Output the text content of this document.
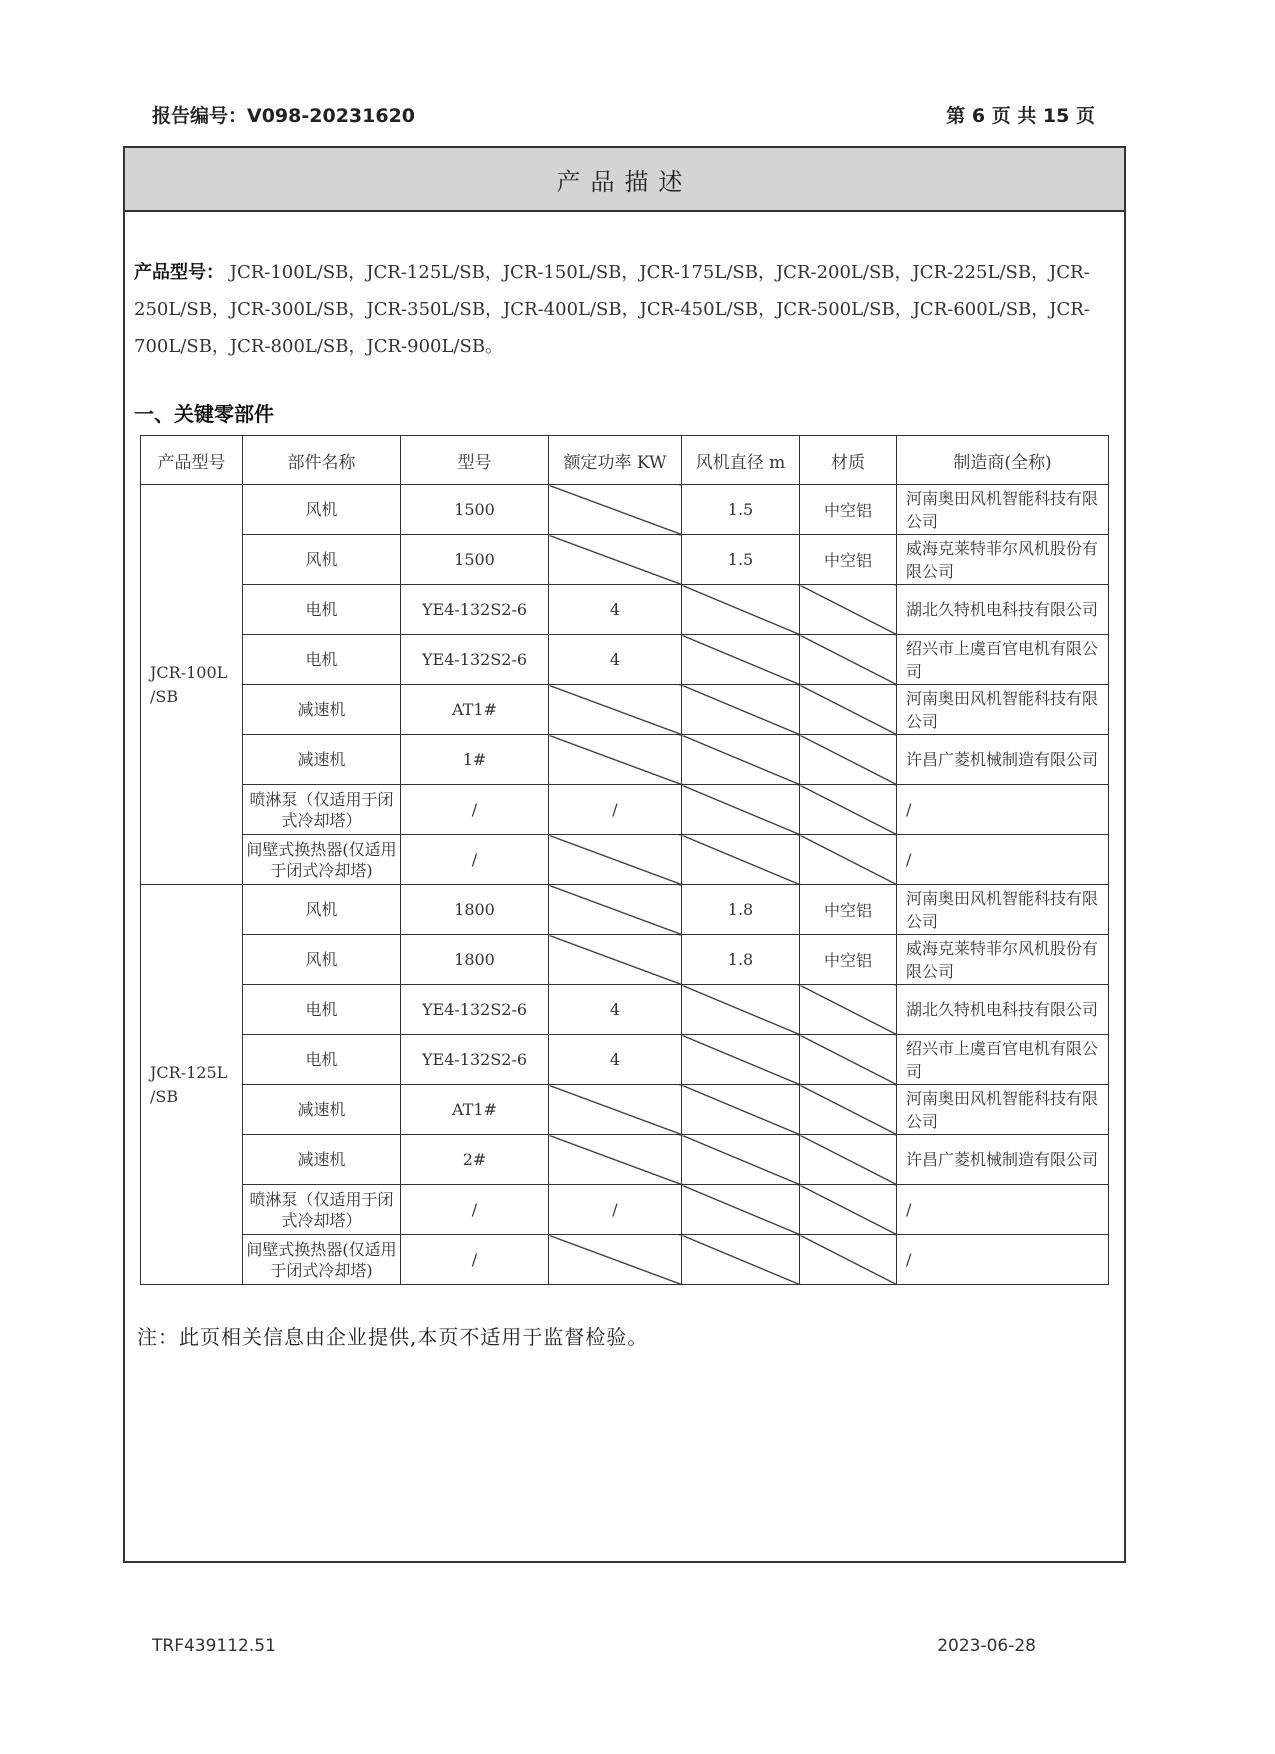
报告编号：V098-20231620	第 6 页 共 15 页
产品描述
产品型号： JCR-100L/SB，JCR-125L/SB，JCR-150L/SB，JCR-175L/SB，JCR-200L/SB，JCR-225L/SB，JCR-250L/SB，JCR-300L/SB，JCR-350L/SB，JCR-400L/SB，JCR-450L/SB，JCR-500L/SB，JCR-600L/SB，JCR-700L/SB，JCR-800L/SB，JCR-900L/SB。
一、关键零部件
产品型号	部件名称	型号	额定功率 KW	风机直径 m	材质	制造商(全称)
JCR-100L /SB	风机	1500		1.5	中空铝	河南奥田风机智能科技有限公司
	风机	1500		1.5	中空铝	威海克莱特菲尔风机股份有限公司
	电机	YE4-132S2-6	4			湖北久特机电科技有限公司
	电机	YE4-132S2-6	4			绍兴市上虞百官电机有限公司
	减速机	AT1#				河南奥田风机智能科技有限公司
	减速机	1#				许昌广菱机械制造有限公司
	喷淋泵（仅适用于闭式冷却塔）	/	/			/
	间壁式换热器(仅适用于闭式冷却塔)	/				/
JCR-125L /SB	风机	1800		1.8	中空铝	河南奥田风机智能科技有限公司
	风机	1800		1.8	中空铝	威海克莱特菲尔风机股份有限公司
	电机	YE4-132S2-6	4			湖北久特机电科技有限公司
	电机	YE4-132S2-6	4			绍兴市上虞百官电机有限公司
	减速机	AT1#				河南奥田风机智能科技有限公司
	减速机	2#				许昌广菱机械制造有限公司
	喷淋泵（仅适用于闭式冷却塔）	/	/			/
	间壁式换热器(仅适用于闭式冷却塔)	/				/
注：此页相关信息由企业提供,本页不适用于监督检验。
TRF439112.51	2023-06-28
